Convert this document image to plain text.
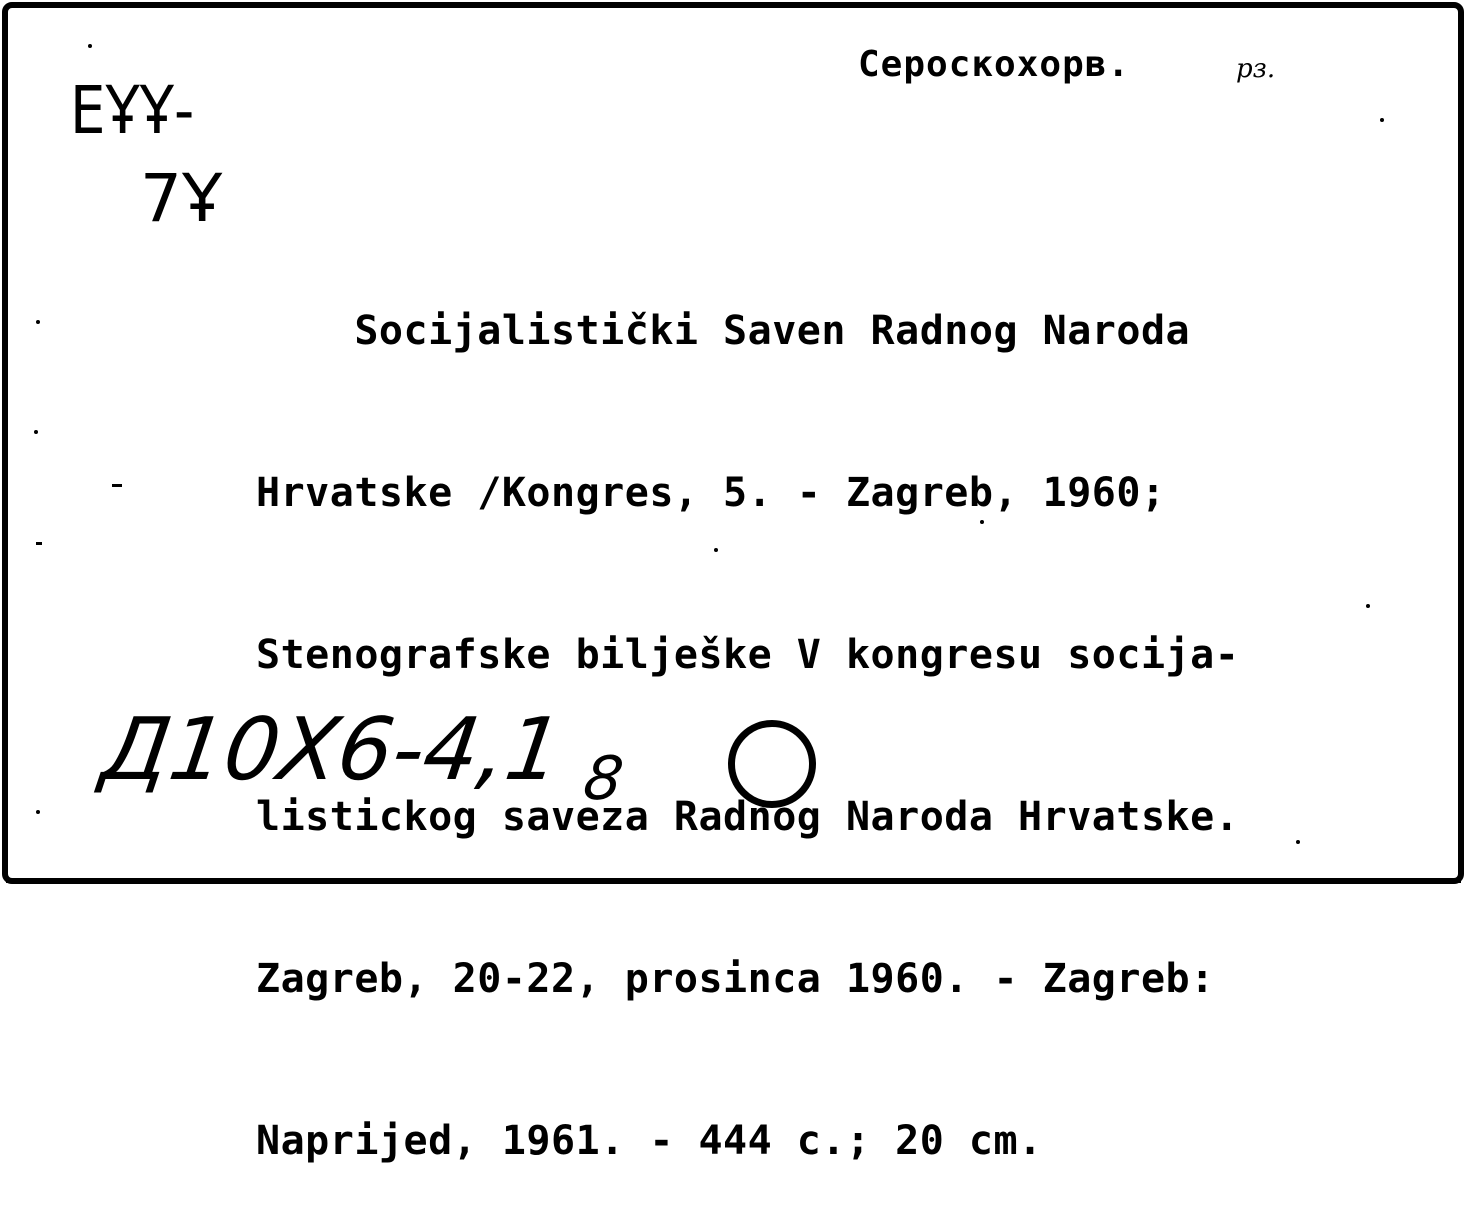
Сероскохорв.	рз.
EҰҰ-
7Ұ

Socijalistički Saven Radnog Naroda

Hrvatske /Kongres, 5. - Zagreb, 1960;

Stenografske bilješke V kongresu socija-

listickog saveza Radnog Naroda Hrvatske.

Zagreb, 20-22, prosinca 1960. - Zagreb:

Naprijed, 1961. - 444 c.; 20 cm.

Д10Х6-4,1 $_8$
